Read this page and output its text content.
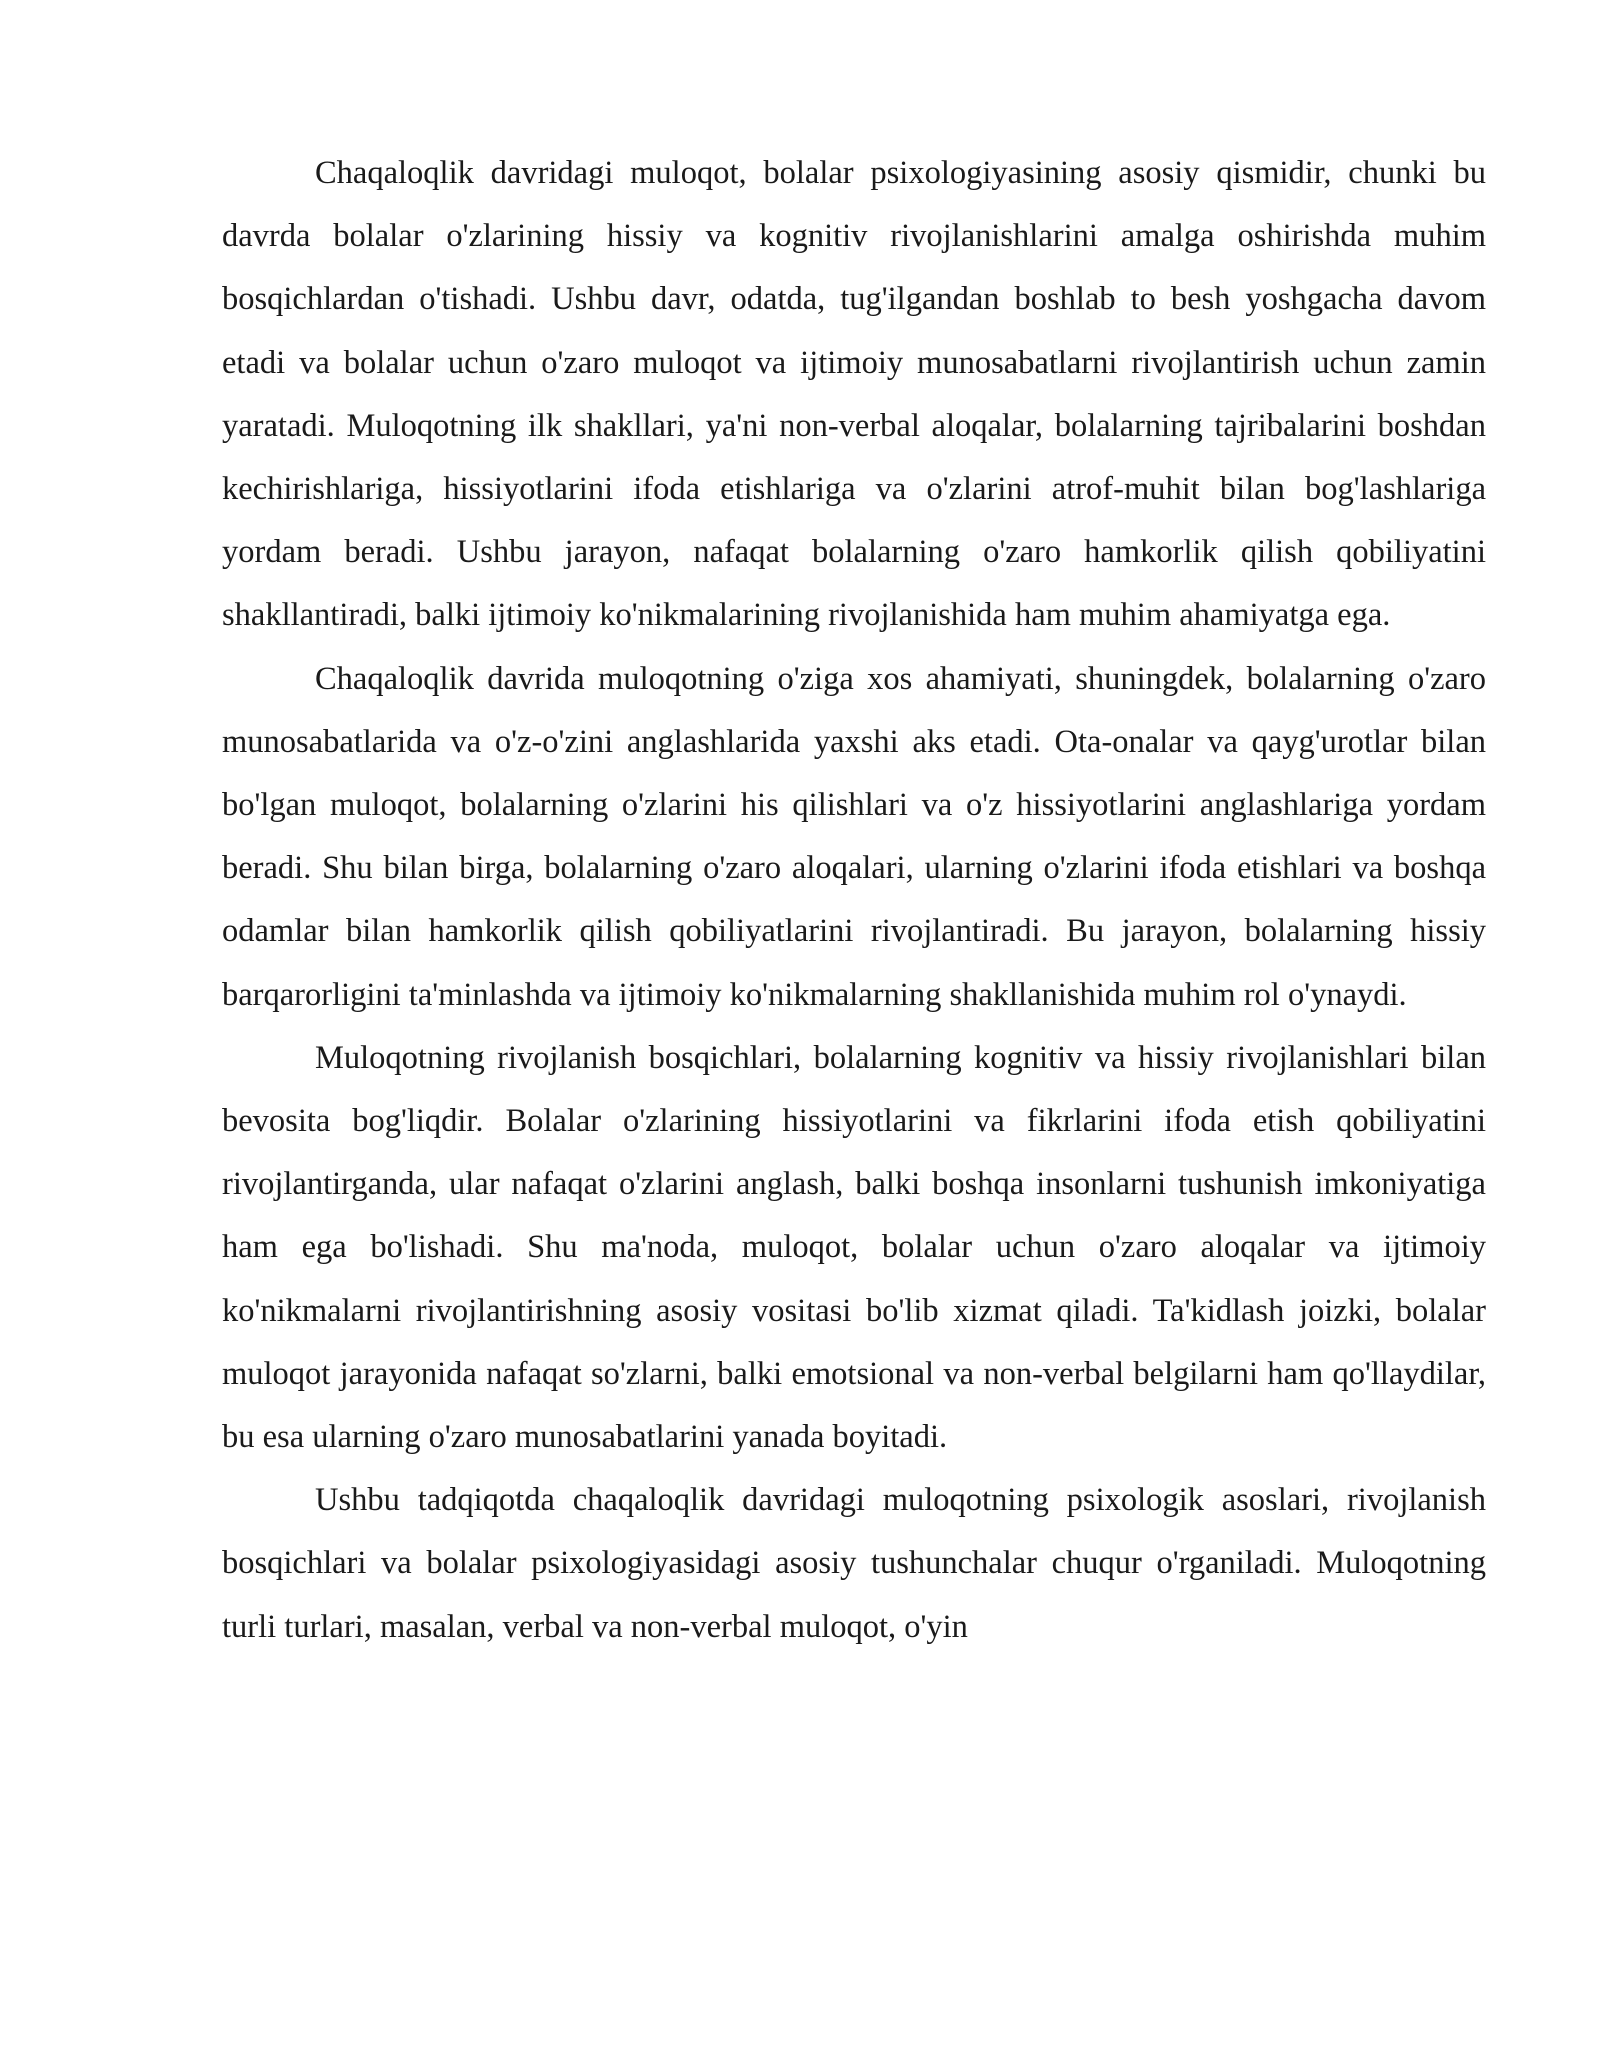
Chaqaloqlik davridagi muloqot, bolalar psixologiyasining asosiy qismidir, chunki bu davrda bolalar o'zlarining hissiy va kognitiv rivojlanishlarini amalga oshirishda muhim bosqichlardan o'tishadi. Ushbu davr, odatda, tug'ilgandan boshlab to besh yoshgacha davom etadi va bolalar uchun o'zaro muloqot va ijtimoiy munosabatlarni rivojlantirish uchun zamin yaratadi. Muloqotning ilk shakllari, ya'ni non-verbal aloqalar, bolalarning tajribalarini boshdan kechirishlariga, hissiyotlarini ifoda etishlariga va o'zlarini atrof-muhit bilan bog'lashlariga yordam beradi. Ushbu jarayon, nafaqat bolalarning o'zaro hamkorlik qilish qobiliyatini shakllantiradi, balki ijtimoiy ko'nikmalarining rivojlanishida ham muhim ahamiyatga ega.

Chaqaloqlik davrida muloqotning o'ziga xos ahamiyati, shuningdek, bolalarning o'zaro munosabatlarida va o'z-o'zini anglashlarida yaxshi aks etadi. Ota-onalar va qayg'urotlar bilan bo'lgan muloqot, bolalarning o'zlarini his qilishlari va o'z hissiyotlarini anglashlariga yordam beradi. Shu bilan birga, bolalarning o'zaro aloqalari, ularning o'zlarini ifoda etishlari va boshqa odamlar bilan hamkorlik qilish qobiliyatlarini rivojlantiradi. Bu jarayon, bolalarning hissiy barqarorligini ta'minlashda va ijtimoiy ko'nikmalarning shakllanishida muhim rol o'ynaydi.

Muloqotning rivojlanish bosqichlari, bolalarning kognitiv va hissiy rivojlanishlari bilan bevosita bog'liqdir. Bolalar o'zlarining hissiyotlarini va fikrlarini ifoda etish qobiliyatini rivojlantirganda, ular nafaqat o'zlarini anglash, balki boshqa insonlarni tushunish imkoniyatiga ham ega bo'lishadi. Shu ma'noda, muloqot, bolalar uchun o'zaro aloqalar va ijtimoiy ko'nikmalarni rivojlantirishning asosiy vositasi bo'lib xizmat qiladi. Ta'kidlash joizki, bolalar muloqot jarayonida nafaqat so'zlarni, balki emotsional va non-verbal belgilarni ham qo'llaydilar, bu esa ularning o'zaro munosabatlarini yanada boyitadi.

Ushbu tadqiqotda chaqaloqlik davridagi muloqotning psixologik asoslari, rivojlanish bosqichlari va bolalar psixologiyasidagi asosiy tushunchalar chuqur o'rganiladi. Muloqotning turli turlari, masalan, verbal va non-verbal muloqot, o'yin
